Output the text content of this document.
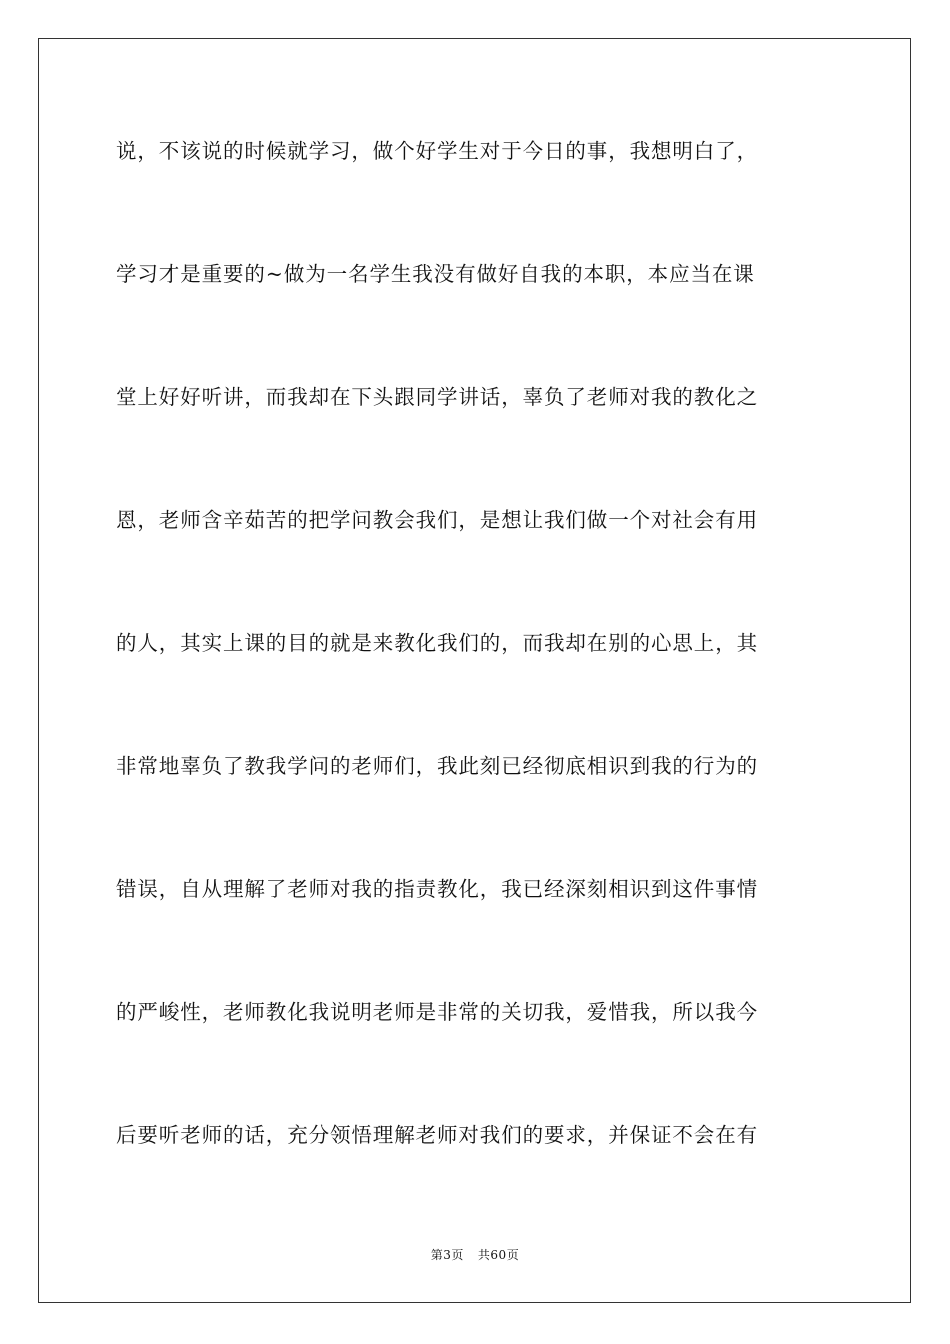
说，不该说的时候就学习，做个好学生对于今日的事，我想明白了，
学习才是重要的~做为一名学生我没有做好自我的本职，本应当在课
堂上好好听讲，而我却在下头跟同学讲话，辜负了老师对我的教化之
恩，老师含辛茹苦的把学问教会我们，是想让我们做一个对社会有用
的人，其实上课的目的就是来教化我们的，而我却在别的心思上，其
非常地辜负了教我学问的老师们，我此刻已经彻底相识到我的行为的
错误，自从理解了老师对我的指责教化，我已经深刻相识到这件事情
的严峻性，老师教化我说明老师是非常的关切我，爱惜我，所以我今
后要听老师的话，充分领悟理解老师对我们的要求，并保证不会在有
第3页 共60页
